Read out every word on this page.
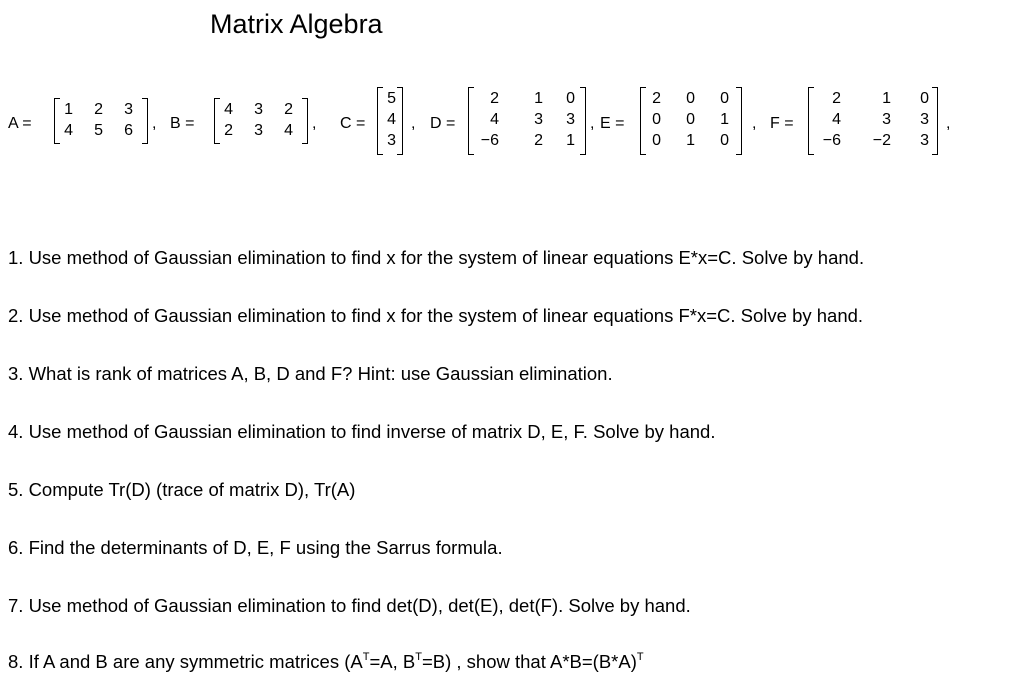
Matrix Algebra
A =
1	2	3
4	5	6 , B =
4	3	2
2	3	4 , C =
5
4
3
, D =
2	1	0
4	3	3
−6	2	1
, E =
2	0	0
0	0	1
0	1	0
, F =
2	1	0
4	3	3
−6	−2	3
,
1. Use method of Gaussian elimination to find x for the system of linear equations E*x=C. Solve by hand.
2. Use method of Gaussian elimination to find x for the system of linear equations F*x=C. Solve by hand.
3. What is rank of matrices A, B, D and F? Hint: use Gaussian elimination.
4. Use method of Gaussian elimination to find inverse of matrix D, E, F. Solve by hand.
5. Compute Tr(D) (trace of matrix D), Tr(A)
6. Find the determinants of D, E, F using the Sarrus formula.
7. Use method of Gaussian elimination to find det(D), det(E), det(F). Solve by hand.
8. If A and B are any symmetric matrices ($A^T=A$, $B^T=B$) , show that $A*B=(B*A)^T$
